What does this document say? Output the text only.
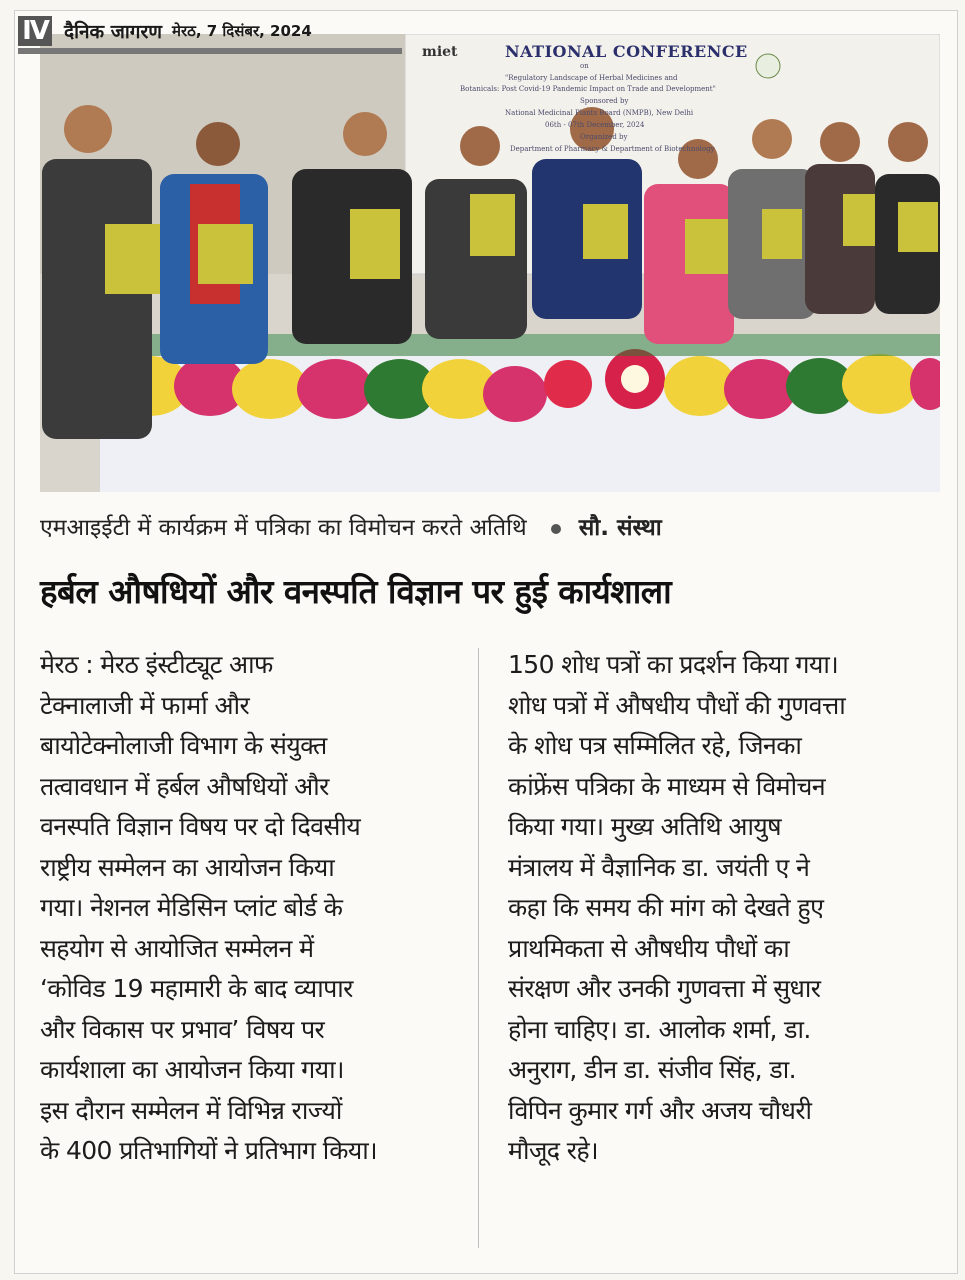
miet	NATIONAL CONFERENCE
on
"Regulatory Landscape of Herbal Medicines and
Botanicals: Post Covid-19 Pandemic Impact on Trade and Development"
Sponsored by
National Medicinal Plants Board (NMPB), New Delhi
06th - 07th December, 2024
Organized by
Department of Pharmacy & Department of Biotechnology
IV दैनिक जागरण मेरठ, 7 दिसंबर, 2024
एमआइईटी में कार्यक्रम में पत्रिका का विमोचन करते अतिथि सौ. संस्था
हर्बल औषधियों और वनस्पति विज्ञान पर हुई कार्यशाला

मेरठ : मेरठ इंस्टीट्यूट आफ

टेक्नालाजी में फार्मा और

बायोटेक्नोलाजी विभाग के संयुक्त

तत्वावधान में हर्बल औषधियों और

वनस्पति विज्ञान विषय पर दो दिवसीय

राष्ट्रीय सम्मेलन का आयोजन किया

गया। नेशनल मेडिसिन प्लांट बोर्ड के

सहयोग से आयोजित सम्मेलन में

‘कोविड 19 महामारी के बाद व्यापार

और विकास पर प्रभाव’ विषय पर

कार्यशाला का आयोजन किया गया।

इस दौरान सम्मेलन में विभिन्न राज्यों

के 400 प्रतिभागियों ने प्रतिभाग किया।

150 शोध पत्रों का प्रदर्शन किया गया।

शोध पत्रों में औषधीय पौधों की गुणवत्ता

के शोध पत्र सम्मिलित रहे, जिनका

कांफ्रेंस पत्रिका के माध्यम से विमोचन

किया गया। मुख्य अतिथि आयुष

मंत्रालय में वैज्ञानिक डा. जयंती ए ने

कहा कि समय की मांग को देखते हुए

प्राथमिकता से औषधीय पौधों का

संरक्षण और उनकी गुणवत्ता में सुधार

होना चाहिए। डा. आलोक शर्मा, डा.

अनुराग, डीन डा. संजीव सिंह, डा.

विपिन कुमार गर्ग और अजय चौधरी

मौजूद रहे।
